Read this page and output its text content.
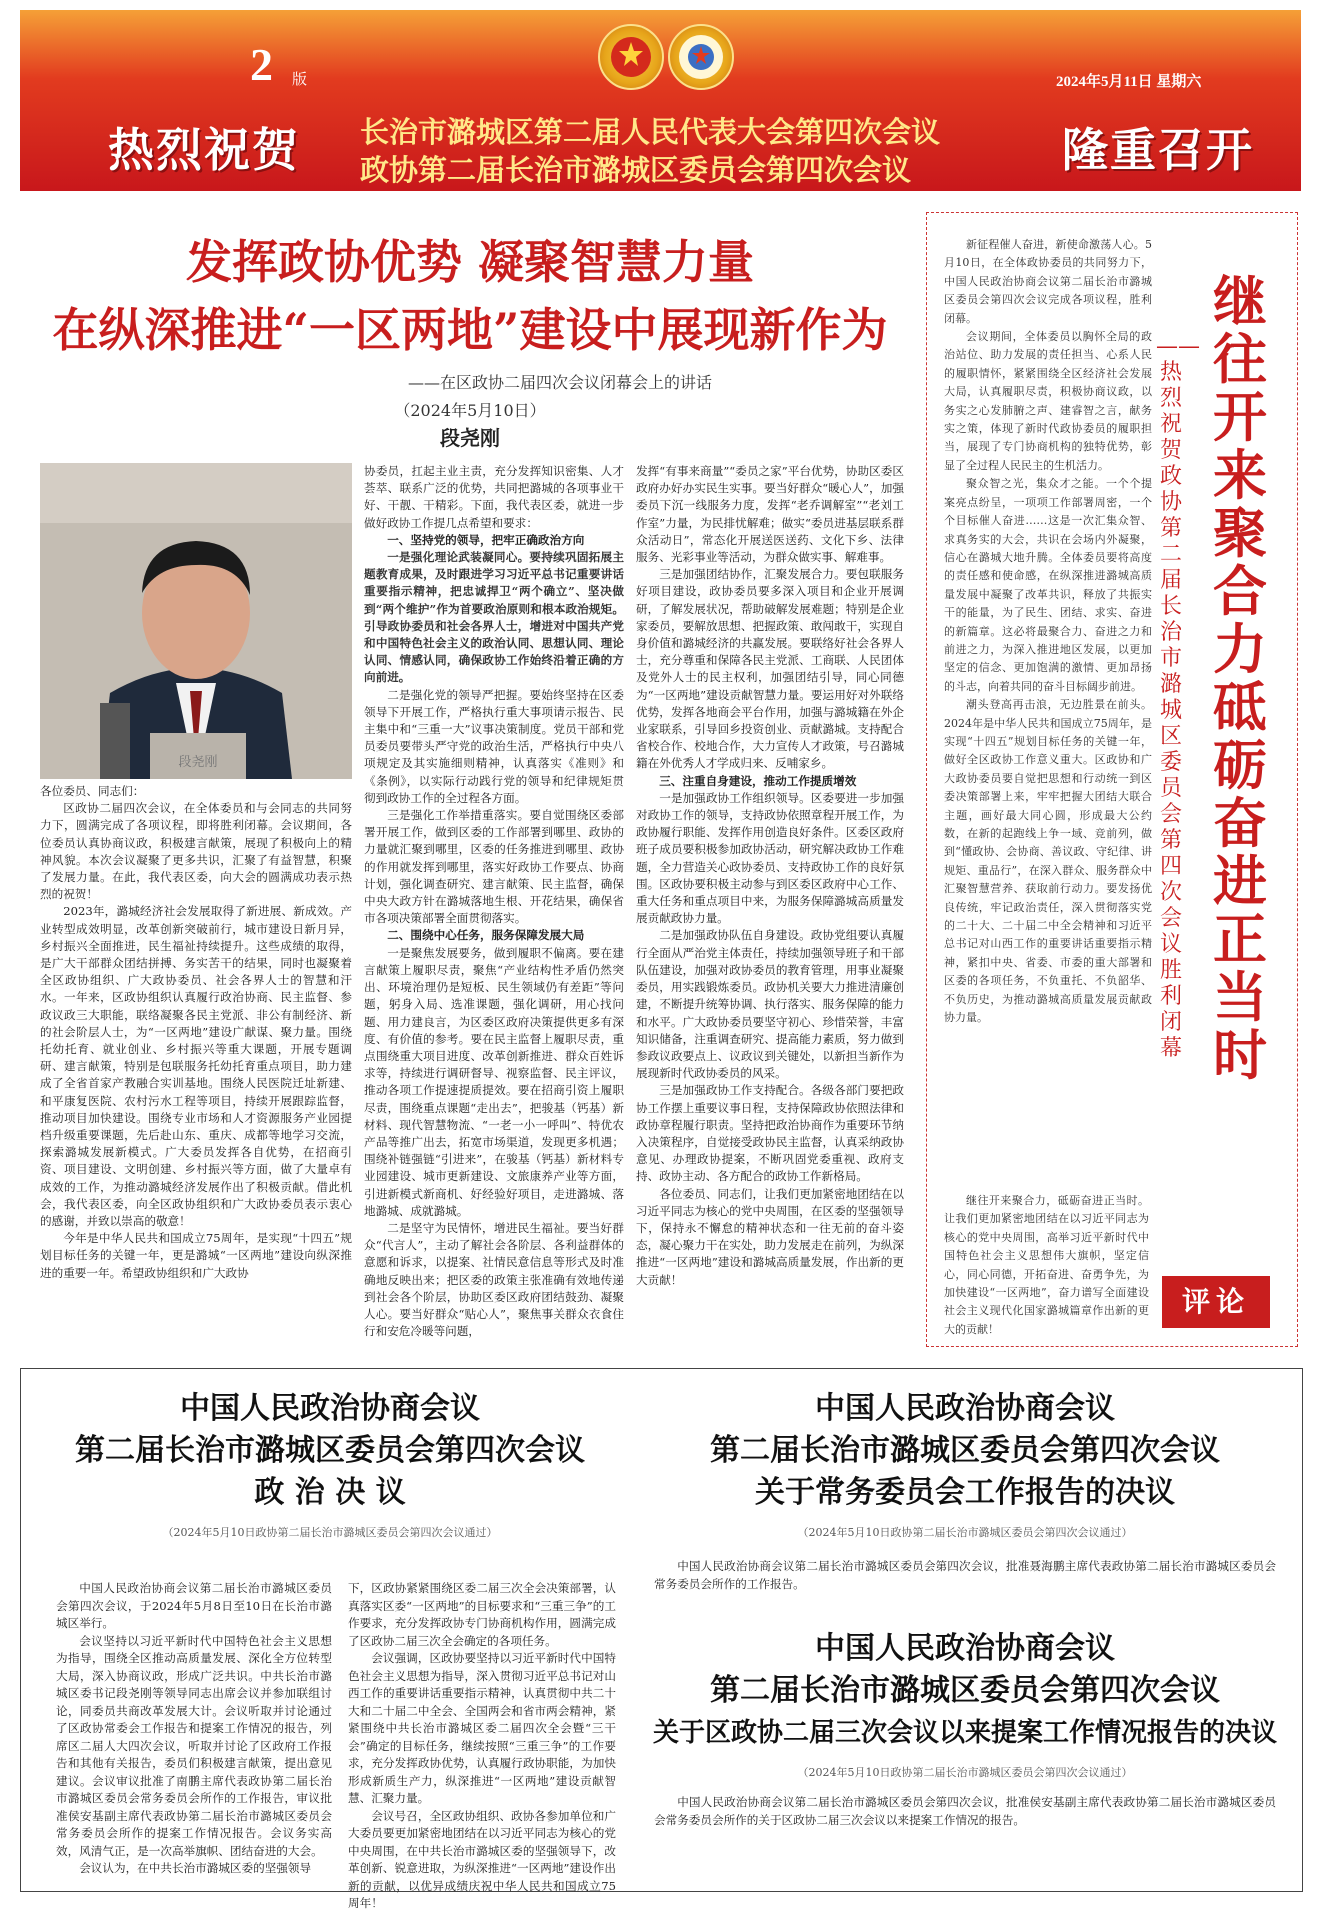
2 版	2024年5月11日 星期六
热烈祝贺 长治市潞城区第二届人民代表大会第四次会议
政协第二届长治市潞城区委员会第四次会议	隆重召开
发挥政协优势 凝聚智慧力量
在纵深推进“一区两地”建设中展现新作为
——在区政协二届四次会议闭幕会上的讲话
（2024年5月10日）
段尧刚
段尧刚

各位委员、同志们：

区政协二届四次会议，在全体委员和与会同志的共同努力下，圆满完成了各项议程，即将胜利闭幕。会议期间，各位委员认真协商议政，积极建言献策，展现了积极向上的精神风貌。本次会议凝聚了更多共识，汇聚了有益智慧，积聚了发展力量。在此，我代表区委，向大会的圆满成功表示热烈的祝贺！

2023年，潞城经济社会发展取得了新进展、新成效。产业转型成效明显，改革创新突破前行，城市建设日新月异，乡村振兴全面推进，民生福祉持续提升。这些成绩的取得，是广大干部群众团结拼搏、务实苦干的结果，同时也凝聚着全区政协组织、广大政协委员、社会各界人士的智慧和汗水。一年来，区政协组织认真履行政治协商、民主监督、参政议政三大职能，联络凝聚各民主党派、非公有制经济、新的社会阶层人士，为“一区两地”建设广献谋、聚力量。围绕托幼托育、就业创业、乡村振兴等重大课题，开展专题调研、建言献策，特别是包联服务托幼托育重点项目，助力建成了全省首家产教融合实训基地。围绕人民医院迁址新建、和平康复医院、农村污水工程等项目，持续开展跟踪监督，推动项目加快建设。围绕专业市场和人才资源服务产业园提档升级重要课题，先后赴山东、重庆、成都等地学习交流，探索潞城发展新模式。广大委员发挥各自优势，在招商引资、项目建设、文明创建、乡村振兴等方面，做了大量卓有成效的工作，为推动潞城经济发展作出了积极贡献。借此机会，我代表区委，向全区政协组织和广大政协委员表示衷心的感谢，并致以崇高的敬意！

今年是中华人民共和国成立75周年，是实现“十四五”规划目标任务的关键一年，更是潞城“一区两地”建设向纵深推进的重要一年。希望政协组织和广大政协

协委员，扛起主业主责，充分发挥知识密集、人才荟萃、联系广泛的优势，共同把潞城的各项事业干好、干靓、干精彩。下面，我代表区委，就进一步做好政协工作提几点希望和要求：

一、坚持党的领导，把牢正确政治方向

一是强化理论武装凝同心。要持续巩固拓展主题教育成果，及时跟进学习习近平总书记重要讲话重要指示精神，把忠诚捍卫“两个确立”、坚决做到“两个维护”作为首要政治原则和根本政治规矩。引导政协委员和社会各界人士，增进对中国共产党和中国特色社会主义的政治认同、思想认同、理论认同、情感认同，确保政协工作始终沿着正确的方向前进。

二是强化党的领导严把握。要始终坚持在区委领导下开展工作，严格执行重大事项请示报告、民主集中和“三重一大”议事决策制度。党员干部和党员委员要带头严守党的政治生活，严格执行中央八项规定及其实施细则精神，认真落实《准则》和《条例》，以实际行动践行党的领导和纪律规矩贯彻到政协工作的全过程各方面。

三是强化工作举措重落实。要自觉围绕区委部署开展工作，做到区委的工作部署到哪里、政协的力量就汇聚到哪里，区委的任务推进到哪里、政协的作用就发挥到哪里，落实好政协工作要点、协商计划，强化调查研究、建言献策、民主监督，确保中央大政方针在潞城落地生根、开花结果，确保省市各项决策部署全面贯彻落实。

二、围绕中心任务，服务保障发展大局

一是聚焦发展要务，做到履职不偏离。要在建言献策上履职尽责，聚焦“产业结构性矛盾仍然突出、环境治理仍是短板、民生领域仍有差距”等问题，躬身入局、选准课题，强化调研，用心找问题、用力建良言，为区委区政府决策提供更多有深度、有价值的参考。要在民主监督上履职尽责，重点围绕重大项目进度、改革创新推进、群众百姓诉求等，持续进行调研督导、视察监督、民主评议，推动各项工作提速提质提效。要在招商引资上履职尽责，围绕重点课题“走出去”，把骏基（钙基）新材料、现代智慧物流、“一老一小一呼叫”、特优农产品等推广出去，拓宽市场渠道，发现更多机遇；围绕补链强链“引进来”，在骏基（钙基）新材料专业园建设、城市更新建设、文旅康养产业等方面，引进新模式新商机、好经验好项目，走进潞城、落地潞城、成就潞城。

二是坚守为民情怀，增进民生福祉。要当好群众“代言人”，主动了解社会各阶层、各利益群体的意愿和诉求，以提案、社情民意信息等形式及时准确地反映出来；把区委的政策主张准确有效地传递到社会各个阶层，协助区委区政府团结鼓劲、凝聚人心。要当好群众“贴心人”，聚焦事关群众衣食住行和安危冷暖等问题，

发挥“有事来商量”“委员之家”平台优势，协助区委区政府办好办实民生实事。要当好群众“暖心人”，加强委员下沉一线服务力度，发挥“老乔调解室”“老刘工作室”力量，为民排忧解难；做实“委员进基层联系群众活动日”，常态化开展送医送药、文化下乡、法律服务、光彩事业等活动，为群众做实事、解难事。

三是加强团结协作，汇聚发展合力。要包联服务好项目建设，政协委员要多深入项目和企业开展调研，了解发展状况，帮助破解发展难题；特别是企业家委员，要解放思想、把握政策、敢闯敢干，实现自身价值和潞城经济的共赢发展。要联络好社会各界人士，充分尊重和保障各民主党派、工商联、人民团体及党外人士的民主权利，加强团结引导，同心同德为“一区两地”建设贡献智慧力量。要运用好对外联络优势，发挥各地商会平台作用，加强与潞城籍在外企业家联系，引导回乡投资创业、贡献潞城。支持配合省校合作、校地合作，大力宣传人才政策，号召潞城籍在外优秀人才学成归来、反哺家乡。

三、注重自身建设，推动工作提质增效

一是加强政协工作组织领导。区委要进一步加强对政协工作的领导，支持政协依照章程开展工作，为政协履行职能、发挥作用创造良好条件。区委区政府班子成员要积极参加政协活动，研究解决政协工作难题，全力营造关心政协委员、支持政协工作的良好氛围。区政协要积极主动参与到区委区政府中心工作、重大任务和重点项目中来，为服务保障潞城高质量发展贡献政协力量。

二是加强政协队伍自身建设。政协党组要认真履行全面从严治党主体责任，持续加强领导班子和干部队伍建设，加强对政协委员的教育管理，用事业凝聚委员，用实践锻炼委员。政协机关要大力推进清廉创建，不断提升统筹协调、执行落实、服务保障的能力和水平。广大政协委员要坚守初心、珍惜荣誉，丰富知识储备，注重调查研究、提高能力素质，努力做到参政议政要点上、议政议到关键处，以新担当新作为展现新时代政协委员的风采。

三是加强政协工作支持配合。各级各部门要把政协工作摆上重要议事日程，支持保障政协依照法律和政协章程履行职责。坚持把政治协商作为重要环节纳入决策程序，自觉接受政协民主监督，认真采纳政协意见、办理政协提案，不断巩固党委重视、政府支持、政协主动、各方配合的政协工作新格局。

各位委员、同志们，让我们更加紧密地团结在以习近平同志为核心的党中央周围，在区委的坚强领导下，保持永不懈怠的精神状态和一往无前的奋斗姿态，凝心聚力干在实处，助力发展走在前列，为纵深推进“一区两地”建设和潞城高质量发展，作出新的更大贡献！

新征程催人奋进，新使命激荡人心。5月10日，在全体政协委员的共同努力下，中国人民政治协商会议第二届长治市潞城区委员会第四次会议完成各项议程，胜利闭幕。

会议期间，全体委员以胸怀全局的政治站位、助力发展的责任担当、心系人民的履职情怀，紧紧围绕全区经济社会发展大局，认真履职尽责，积极协商议政，以务实之心发肺腑之声、建睿智之言，献务实之策，体现了新时代政协委员的履职担当，展现了专门协商机构的独特优势，彰显了全过程人民民主的生机活力。

聚众智之光，集众才之能。一个个提案亮点纷呈，一项项工作部署周密，一个个目标催人奋进……这是一次汇集众智、求真务实的大会，共识在会场内外凝聚，信心在潞城大地升腾。全体委员要将高度的责任感和使命感，在纵深推进潞城高质量发展中凝聚了改革共识，释放了共振实干的能量，为了民生、团结、求实、奋进的新篇章。这必将最聚合力、奋进之力和前进之力，为深入推进地区发展，以更加坚定的信念、更加饱满的激情、更加昂扬的斗志，向着共同的奋斗目标阔步前进。

潮头登高再击浪，无边胜景在前头。2024年是中华人民共和国成立75周年，是实现“十四五”规划目标任务的关键一年，做好全区政协工作意义重大。区政协和广大政协委员要自觉把思想和行动统一到区委决策部署上来，牢牢把握大团结大联合主题，画好最大同心圆，形成最大公约数，在新的起跑线上争一域、竞前列，做到“懂政协、会协商、善议政、守纪律、讲规矩、重品行”，在深入群众、服务群众中汇聚智慧营养、获取前行动力。要发扬优良传统，牢记政治责任，深入贯彻落实党的二十大、二十届二中全会精神和习近平总书记对山西工作的重要讲话重要指示精神，紧扣中央、省委、市委的重大部署和区委的各项任务，不负重托、不负韶华、不负历史，为推动潞城高质量发展贡献政协力量。

继往开来聚合力 砥砺奋进正当时
——热烈祝贺政协第二届长治市潞城区委员会第四次会议胜利闭幕

继往开来聚合力，砥砺奋进正当时。让我们更加紧密地团结在以习近平同志为核心的党中央周围，高举习近平新时代中国特色社会主义思想伟大旗帜，坚定信心，同心同德，开拓奋进、奋勇争先，为加快建设“一区两地”，奋力谱写全面建设社会主义现代化国家潞城篇章作出新的更大的贡献！

评论
中国人民政治协商会议
第二届长治市潞城区委员会第四次会议
政 治 决 议
（2024年5月10日政协第二届长治市潞城区委员会第四次会议通过）

中国人民政治协商会议第二届长治市潞城区委员会第四次会议，于2024年5月8日至10日在长治市潞城区举行。

会议坚持以习近平新时代中国特色社会主义思想为指导，围绕全区推动高质量发展、深化全方位转型大局，深入协商议政，形成广泛共识。中共长治市潞城区委书记段尧刚等领导同志出席会议并参加联组讨论，同委员共商改革发展大计。会议听取并讨论通过了区政协常委会工作报告和提案工作情况的报告，列席区二届人大四次会议，听取并讨论了区政府工作报告和其他有关报告，委员们积极建言献策，提出意见建议。会议审议批准了南鹏主席代表政协第二届长治市潞城区委员会常务委员会所作的工作报告，审议批准侯安基副主席代表政协第二届长治市潞城区委员会常务委员会所作的提案工作情况报告。会议务实高效，风清气正，是一次高举旗帜、团结奋进的大会。

会议认为，在中共长治市潞城区委的坚强领导

下，区政协紧紧围绕区委二届三次全会决策部署，认真落实区委“一区两地”的目标要求和“三重三争”的工作要求，充分发挥政协专门协商机构作用，圆满完成了区政协二届三次全会确定的各项任务。

会议强调，区政协要坚持以习近平新时代中国特色社会主义思想为指导，深入贯彻习近平总书记对山西工作的重要讲话重要指示精神，认真贯彻中共二十大和二十届二中全会、全国两会和省市两会精神，紧紧围绕中共长治市潞城区委二届四次全会暨“三干会”确定的目标任务，继续按照“三重三争”的工作要求，充分发挥政协优势，认真履行政协职能，为加快形成新质生产力，纵深推进“一区两地”建设贡献智慧、汇聚力量。

会议号召，全区政协组织、政协各参加单位和广大委员要更加紧密地团结在以习近平同志为核心的党中央周围，在中共长治市潞城区委的坚强领导下，改革创新、锐意进取，为纵深推进“一区两地”建设作出新的贡献，以优异成绩庆祝中华人民共和国成立75周年！

中国人民政治协商会议
第二届长治市潞城区委员会第四次会议
关于常务委员会工作报告的决议
（2024年5月10日政协第二届长治市潞城区委员会第四次会议通过）

中国人民政治协商会议第二届长治市潞城区委员会第四次会议，批准聂海鹏主席代表政协第二届长治市潞城区委员会常务委员会所作的工作报告。

中国人民政治协商会议
第二届长治市潞城区委员会第四次会议
关于区政协二届三次会议以来提案工作情况报告的决议
（2024年5月10日政协第二届长治市潞城区委员会第四次会议通过）

中国人民政治协商会议第二届长治市潞城区委员会第四次会议，批准侯安基副主席代表政协第二届长治市潞城区委员会常务委员会所作的关于区政协二届三次会议以来提案工作情况的报告。
